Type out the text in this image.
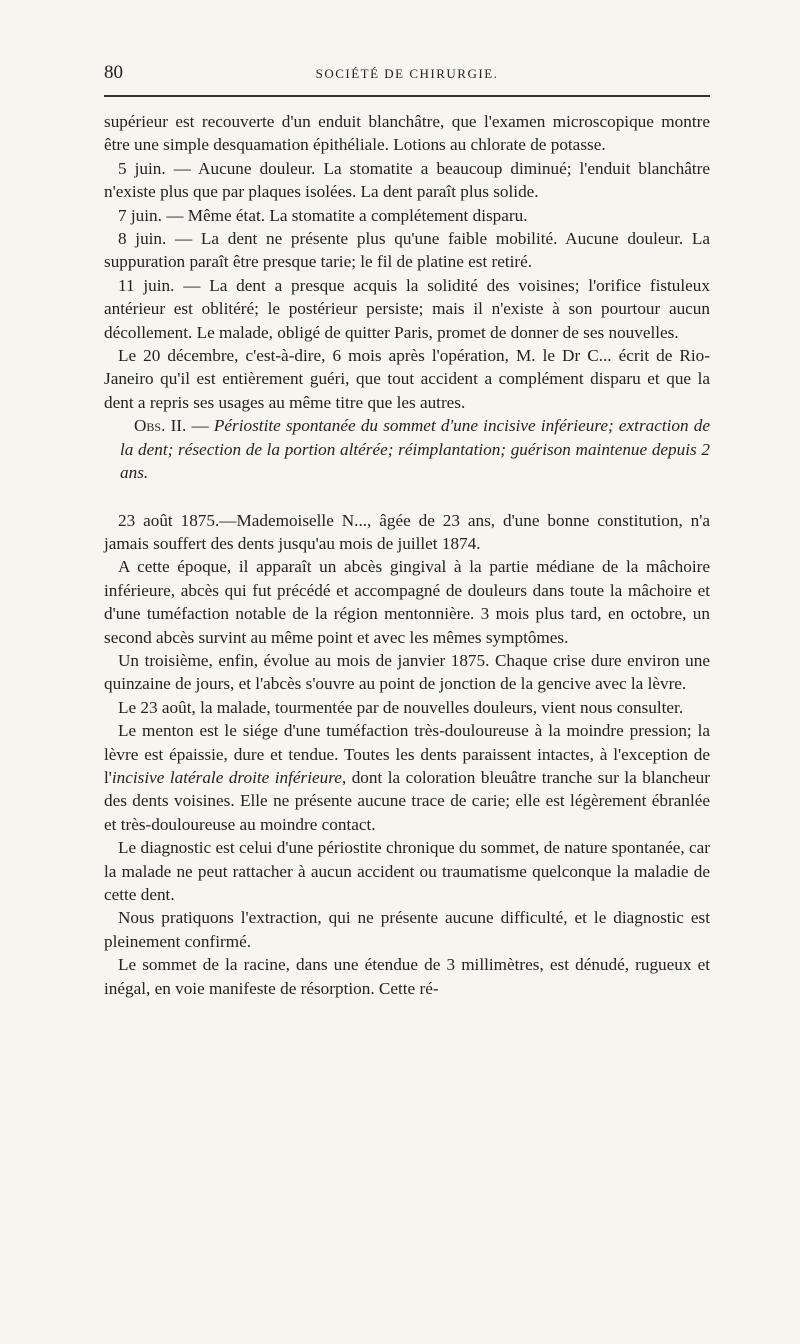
80	SOCIÉTÉ DE CHIRURGIE.

supérieur est recouverte d'un enduit blanchâtre, que l'examen microscopique montre être une simple desquamation épithéliale. Lotions au chlorate de potasse.

5 juin. — Aucune douleur. La stomatite a beaucoup diminué; l'enduit blanchâtre n'existe plus que par plaques isolées. La dent paraît plus solide.

7 juin. — Même état. La stomatite a complétement disparu.

8 juin. — La dent ne présente plus qu'une faible mobilité. Aucune douleur. La suppuration paraît être presque tarie; le fil de platine est retiré.

11 juin. — La dent a presque acquis la solidité des voisines; l'orifice fistuleux antérieur est oblitéré; le postérieur persiste; mais il n'existe à son pourtour aucun décollement. Le malade, obligé de quitter Paris, promet de donner de ses nouvelles.

Le 20 décembre, c'est-à-dire, 6 mois après l'opération, M. le Dr C... écrit de Rio-Janeiro qu'il est entièrement guéri, que tout accident a complément disparu et que la dent a repris ses usages au même titre que les autres.

Obs. II. — Périostite spontanée du sommet d'une incisive inférieure; extraction de la dent; résection de la portion altérée; réimplantation; guérison maintenue depuis 2 ans.

23 août 1875.—Mademoiselle N..., âgée de 23 ans, d'une bonne constitution, n'a jamais souffert des dents jusqu'au mois de juillet 1874.

A cette époque, il apparaît un abcès gingival à la partie médiane de la mâchoire inférieure, abcès qui fut précédé et accompagné de douleurs dans toute la mâchoire et d'une tuméfaction notable de la région mentonnière. 3 mois plus tard, en octobre, un second abcès survint au même point et avec les mêmes symptômes.

Un troisième, enfin, évolue au mois de janvier 1875. Chaque crise dure environ une quinzaine de jours, et l'abcès s'ouvre au point de jonction de la gencive avec la lèvre.

Le 23 août, la malade, tourmentée par de nouvelles douleurs, vient nous consulter.

Le menton est le siége d'une tuméfaction très-douloureuse à la moindre pression; la lèvre est épaissie, dure et tendue. Toutes les dents paraissent intactes, à l'exception de l'incisive latérale droite inférieure, dont la coloration bleuâtre tranche sur la blancheur des dents voisines. Elle ne présente aucune trace de carie; elle est légèrement ébranlée et très-douloureuse au moindre contact.

Le diagnostic est celui d'une périostite chronique du sommet, de nature spontanée, car la malade ne peut rattacher à aucun accident ou traumatisme quelconque la maladie de cette dent.

Nous pratiquons l'extraction, qui ne présente aucune difficulté, et le diagnostic est pleinement confirmé.

Le sommet de la racine, dans une étendue de 3 millimètres, est dénudé, rugueux et inégal, en voie manifeste de résorption. Cette ré-
